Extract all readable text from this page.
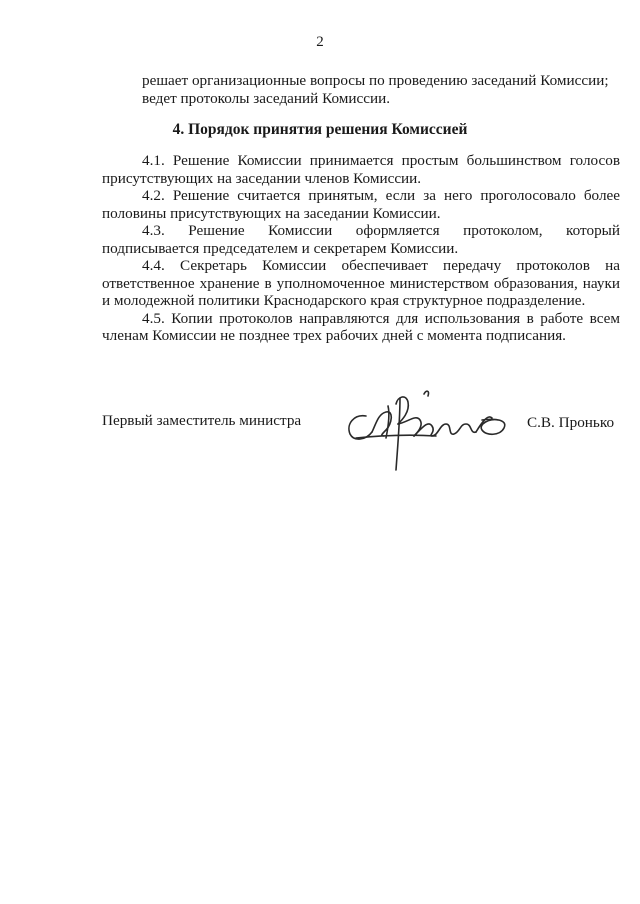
2

решает организационные вопросы по проведению заседаний Комиссии;

ведет протоколы заседаний Комиссии.

4. Порядок принятия решения Комиссией

4.1. Решение Комиссии принимается простым большинством голосов присутствующих на заседании членов Комиссии.

4.2. Решение считается принятым, если за него проголосовало более половины присутствующих на заседании Комиссии.

4.3. Решение Комиссии оформляется протоколом, который подписывается председателем и секретарем Комиссии.

4.4. Секретарь Комиссии обеспечивает передачу протоколов на ответственное хранение в уполномоченное министерством образования, науки и молодежной политики Краснодарского края структурное подразделение.

4.5. Копии протоколов направляются для использования в работе всем членам Комиссии не позднее трех рабочих дней с момента подписания.

Первый заместитель министра	С.В. Пронько
